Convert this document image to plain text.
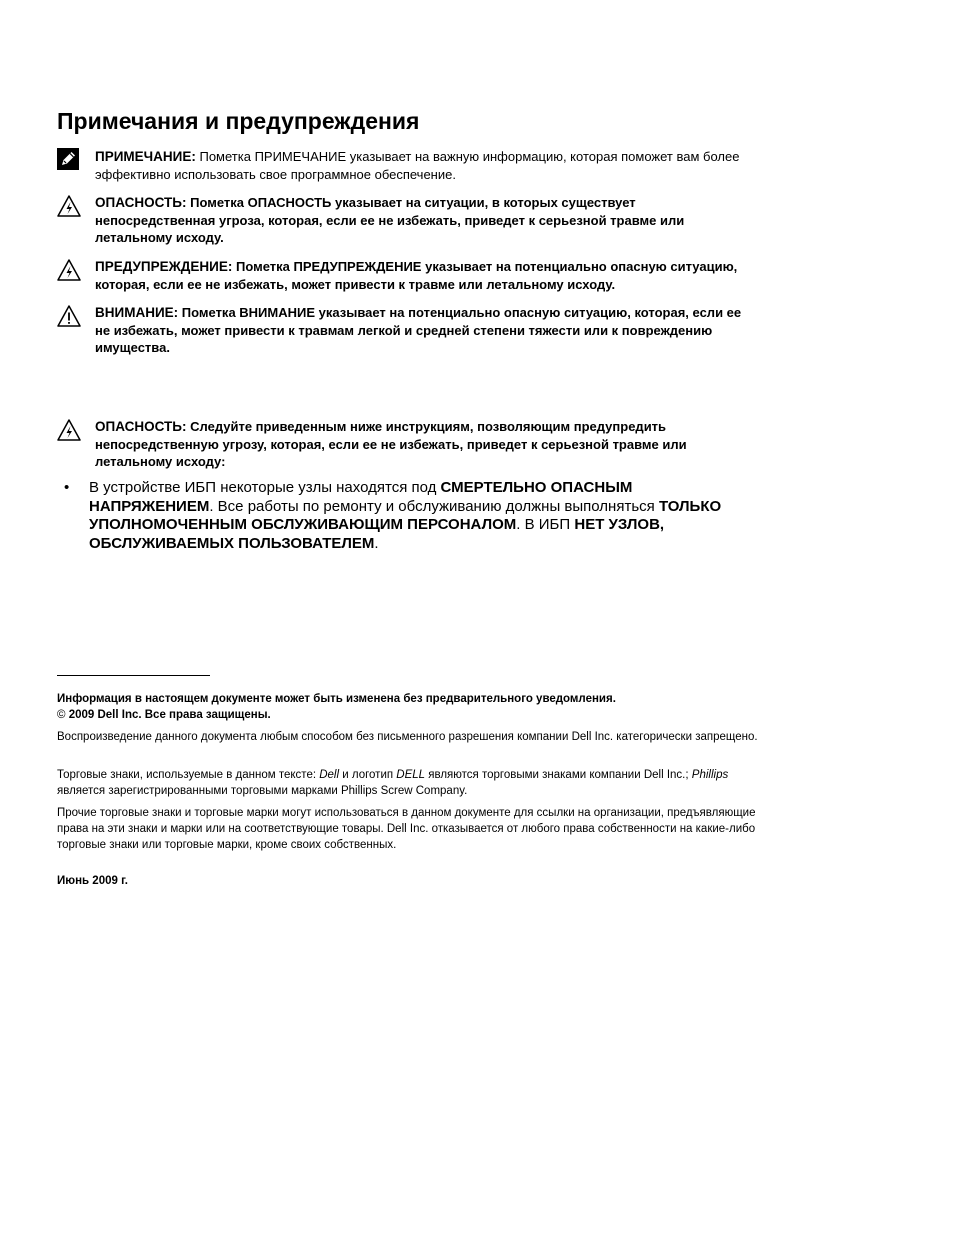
Примечания и предупреждения
ПРИМЕЧАНИЕ: Пометка ПРИМЕЧАНИЕ указывает на важную информацию, которая поможет вам более эффективно использовать свое программное обеспечение.
ОПАСНОСТЬ: Пометка ОПАСНОСТЬ указывает на ситуации, в которых существует непосредственная угроза, которая, если ее не избежать, приведет к серьезной травме или летальному исходу.
ПРЕДУПРЕЖДЕНИЕ: Пометка ПРЕДУПРЕЖДЕНИЕ указывает на потенциально опасную ситуацию, которая, если ее не избежать, может привести к травме или летальному исходу.
ВНИМАНИЕ: Пометка ВНИМАНИЕ указывает на потенциально опасную ситуацию, которая, если ее не избежать, может привести к травмам легкой и средней степени тяжести или к повреждению имущества.
ОПАСНОСТЬ: Следуйте приведенным ниже инструкциям, позволяющим предупредить непосредственную угрозу, которая, если ее не избежать, приведет к серьезной травме или летальному исходу:
• В устройстве ИБП некоторые узлы находятся под СМЕРТЕЛЬНО ОПАСНЫМ НАПРЯЖЕНИЕМ. Все работы по ремонту и обслуживанию должны выполняться ТОЛЬКО УПОЛНОМОЧЕННЫМ ОБСЛУЖИВАЮЩИМ ПЕРСОНАЛОМ. В ИБП НЕТ УЗЛОВ, ОБСЛУЖИВАЕМЫХ ПОЛЬЗОВАТЕЛЕМ.

Информация в настоящем документе может быть изменена без предварительного уведомления.
© 2009 Dell Inc. Все права защищены.

Воспроизведение данного документа любым способом без письменного разрешения компании Dell Inc. категорически запрещено.

Торговые знаки, используемые в данном тексте: Dell и логотип DELL являются торговыми знаками компании Dell Inc.; Phillips является зарегистрированными торговыми марками Phillips Screw Company.

Прочие торговые знаки и торговые марки могут использоваться в данном документе для ссылки на организации, предъявляющие права на эти знаки и марки или на соответствующие товары. Dell Inc. отказывается от любого права собственности на какие-либо торговые знаки или торговые марки, кроме своих собственных.

Июнь 2009 г.
